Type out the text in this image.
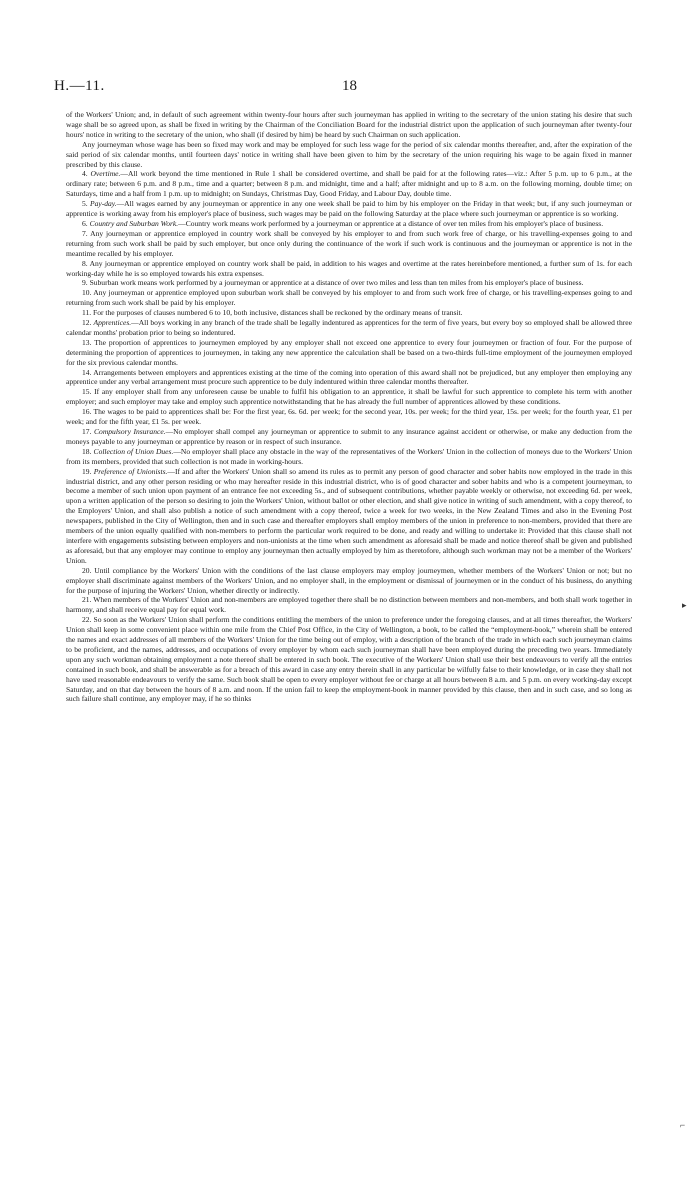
H.—11.	18

of the Workers' Union; and, in default of such agreement within twenty-four hours after such journeyman has applied in writing to the secretary of the union stating his desire that such wage shall be so agreed upon, as shall be fixed in writing by the Chairman of the Conciliation Board for the industrial district upon the application of such journeyman after twenty-four hours' notice in writing to the secretary of the union, who shall (if desired by him) be heard by such Chairman on such application.

Any journeyman whose wage has been so fixed may work and may be employed for such less wage for the period of six calendar months thereafter, and, after the expiration of the said period of six calendar months, until fourteen days' notice in writing shall have been given to him by the secretary of the union requiring his wage to be again fixed in manner prescribed by this clause.

4. Overtime.—All work beyond the time mentioned in Rule 1 shall be considered overtime, and shall be paid for at the following rates—viz.: After 5 p.m. up to 6 p.m., at the ordinary rate; between 6 p.m. and 8 p.m., time and a quarter; between 8 p.m. and midnight, time and a half; after midnight and up to 8 a.m. on the following morning, double time; on Saturdays, time and a half from 1 p.m. up to midnight; on Sundays, Christmas Day, Good Friday, and Labour Day, double time.

5. Pay-day.—All wages earned by any journeyman or apprentice in any one week shall be paid to him by his employer on the Friday in that week; but, if any such journeyman or apprentice is working away from his employer's place of business, such wages may be paid on the following Saturday at the place where such journeyman or apprentice is so working.

6. Country and Suburban Work.—Country work means work performed by a journeyman or apprentice at a distance of over ten miles from his employer's place of business.

7. Any journeyman or apprentice employed in country work shall be conveyed by his employer to and from such work free of charge, or his travelling-expenses going to and returning from such work shall be paid by such employer, but once only during the continuance of the work if such work is continuous and the journeyman or apprentice is not in the meantime recalled by his employer.

8. Any journeyman or apprentice employed on country work shall be paid, in addition to his wages and overtime at the rates hereinbefore mentioned, a further sum of 1s. for each working-day while he is so employed towards his extra expenses.

9. Suburban work means work performed by a journeyman or apprentice at a distance of over two miles and less than ten miles from his employer's place of business.

10. Any journeyman or apprentice employed upon suburban work shall be conveyed by his employer to and from such work free of charge, or his travelling-expenses going to and returning from such work shall be paid by his employer.

11. For the purposes of clauses numbered 6 to 10, both inclusive, distances shall be reckoned by the ordinary means of transit.

12. Apprentices.—All boys working in any branch of the trade shall be legally indentured as apprentices for the term of five years, but every boy so employed shall be allowed three calendar months' probation prior to being so indentured.

13. The proportion of apprentices to journeymen employed by any employer shall not exceed one apprentice to every four journeymen or fraction of four. For the purpose of determining the proportion of apprentices to journeymen, in taking any new apprentice the calculation shall be based on a two-thirds full-time employment of the journeymen employed for the six previous calendar months.

14. Arrangements between employers and apprentices existing at the time of the coming into operation of this award shall not be prejudiced, but any employer then employing any apprentice under any verbal arrangement must procure such apprentice to be duly indentured within three calendar months thereafter.

15. If any employer shall from any unforeseen cause be unable to fulfil his obligation to an apprentice, it shall be lawful for such apprentice to complete his term with another employer; and such employer may take and employ such apprentice notwithstanding that he has already the full number of apprentices allowed by these conditions.

16. The wages to be paid to apprentices shall be: For the first year, 6s. 6d. per week; for the second year, 10s. per week; for the third year, 15s. per week; for the fourth year, £1 per week; and for the fifth year, £1 5s. per week.

17. Compulsory Insurance.—No employer shall compel any journeyman or apprentice to submit to any insurance against accident or otherwise, or make any deduction from the moneys payable to any journeyman or apprentice by reason or in respect of such insurance.

18. Collection of Union Dues.—No employer shall place any obstacle in the way of the representatives of the Workers' Union in the collection of moneys due to the Workers' Union from its members, provided that such collection is not made in working-hours.

19. Preference of Unionists.—If and after the Workers' Union shall so amend its rules as to permit any person of good character and sober habits now employed in the trade in this industrial district, and any other person residing or who may hereafter reside in this industrial district, who is of good character and sober habits and who is a competent journeyman, to become a member of such union upon payment of an entrance fee not exceeding 5s., and of subsequent contributions, whether payable weekly or otherwise, not exceeding 6d. per week, upon a written application of the person so desiring to join the Workers' Union, without ballot or other election, and shall give notice in writing of such amendment, with a copy thereof, to the Employers' Union, and shall also publish a notice of such amendment with a copy thereof, twice a week for two weeks, in the New Zealand Times and also in the Evening Post newspapers, published in the City of Wellington, then and in such case and thereafter employers shall employ members of the union in preference to non-members, provided that there are members of the union equally qualified with non-members to perform the particular work required to be done, and ready and willing to undertake it: Provided that this clause shall not interfere with engagements subsisting between employers and non-unionists at the time when such amendment as aforesaid shall be made and notice thereof shall be given and published as aforesaid, but that any employer may continue to employ any journeyman then actually employed by him as theretofore, although such workman may not be a member of the Workers' Union.

20. Until compliance by the Workers' Union with the conditions of the last clause employers may employ journeymen, whether members of the Workers' Union or not; but no employer shall discriminate against members of the Workers' Union, and no employer shall, in the employment or dismissal of journeymen or in the conduct of his business, do anything for the purpose of injuring the Workers' Union, whether directly or indirectly.

21. When members of the Workers' Union and non-members are employed together there shall be no distinction between members and non-members, and both shall work together in harmony, and shall receive equal pay for equal work.

22. So soon as the Workers' Union shall perform the conditions entitling the members of the union to preference under the foregoing clauses, and at all times thereafter, the Workers' Union shall keep in some convenient place within one mile from the Chief Post Office, in the City of Wellington, a book, to be called the “employment-book,” wherein shall be entered the names and exact addresses of all members of the Workers' Union for the time being out of employ, with a description of the branch of the trade in which each such journeyman claims to be proficient, and the names, addresses, and occupations of every employer by whom each such journeyman shall have been employed during the preceding two years. Immediately upon any such workman obtaining employment a note thereof shall be entered in such book. The executive of the Workers' Union shall use their best endeavours to verify all the entries contained in such book, and shall be answerable as for a breach of this award in case any entry therein shall in any particular be wilfully false to their knowledge, or in case they shall not have used reasonable endeavours to verify the same. Such book shall be open to every employer without fee or charge at all hours between 8 a.m. and 5 p.m. on every working-day except Saturday, and on that day between the hours of 8 a.m. and noon. If the union fail to keep the employment-book in manner provided by this clause, then and in such case, and so long as such failure shall continue, any employer may, if he so thinks

▸
⌐
